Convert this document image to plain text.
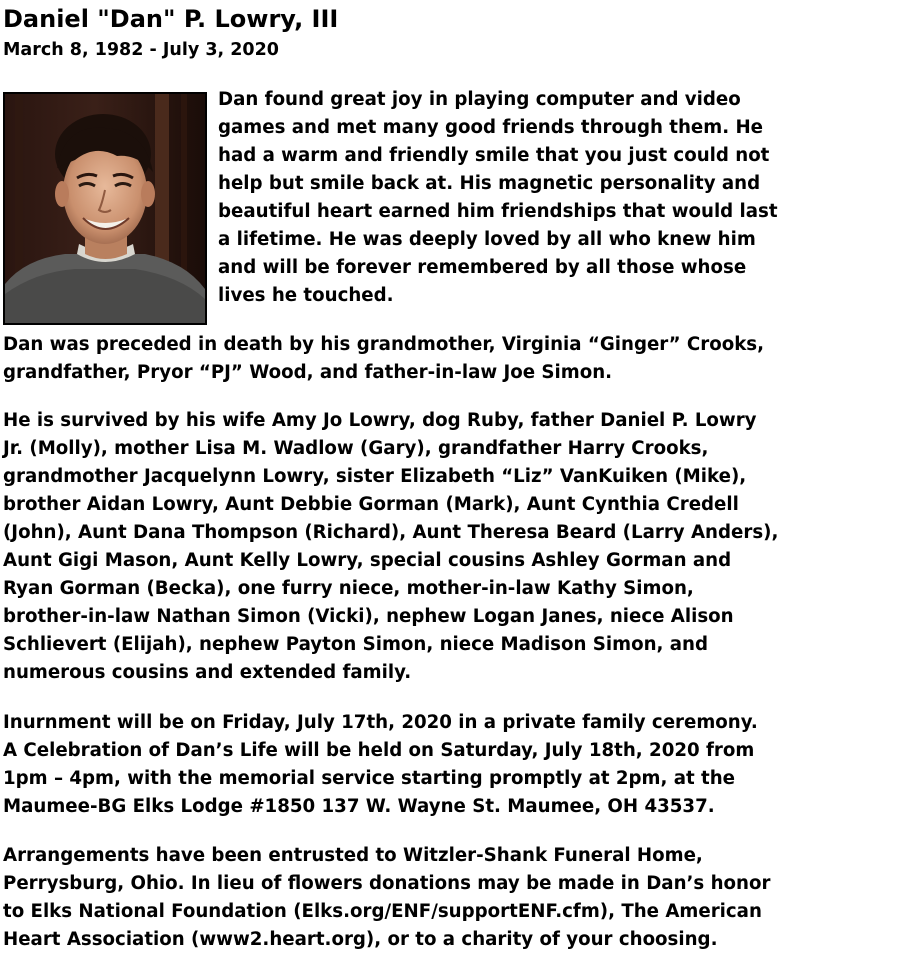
Daniel "Dan" P. Lowry, III
March 8, 1982 - July 3, 2020

Dan found great joy in playing computer and video
games and met many good friends through them. He
had a warm and friendly smile that you just could not
help but smile back at. His magnetic personality and
beautiful heart earned him friendships that would last
a lifetime. He was deeply loved by all who knew him
and will be forever remembered by all those whose
lives he touched.

Dan was preceded in death by his grandmother, Virginia “Ginger” Crooks,
grandfather, Pryor “PJ” Wood, and father-in-law Joe Simon.

He is survived by his wife Amy Jo Lowry, dog Ruby, father Daniel P. Lowry
Jr. (Molly), mother Lisa M. Wadlow (Gary), grandfather Harry Crooks,
grandmother Jacquelynn Lowry, sister Elizabeth “Liz” VanKuiken (Mike),
brother Aidan Lowry, Aunt Debbie Gorman (Mark), Aunt Cynthia Credell
(John), Aunt Dana Thompson (Richard), Aunt Theresa Beard (Larry Anders),
Aunt Gigi Mason, Aunt Kelly Lowry, special cousins Ashley Gorman and
Ryan Gorman (Becka), one furry niece, mother-in-law Kathy Simon,
brother-in-law Nathan Simon (Vicki), nephew Logan Janes, niece Alison
Schlievert (Elijah), nephew Payton Simon, niece Madison Simon, and
numerous cousins and extended family.

Inurnment will be on Friday, July 17th, 2020 in a private family ceremony.
A Celebration of Dan’s Life will be held on Saturday, July 18th, 2020 from
1pm – 4pm, with the memorial service starting promptly at 2pm, at the
Maumee-BG Elks Lodge #1850 137 W. Wayne St. Maumee, OH 43537.

Arrangements have been entrusted to Witzler-Shank Funeral Home,
Perrysburg, Ohio. In lieu of flowers donations may be made in Dan’s honor
to Elks National Foundation (Elks.org/ENF/supportENF.cfm), The American
Heart Association (www2.heart.org), or to a charity of your choosing.
